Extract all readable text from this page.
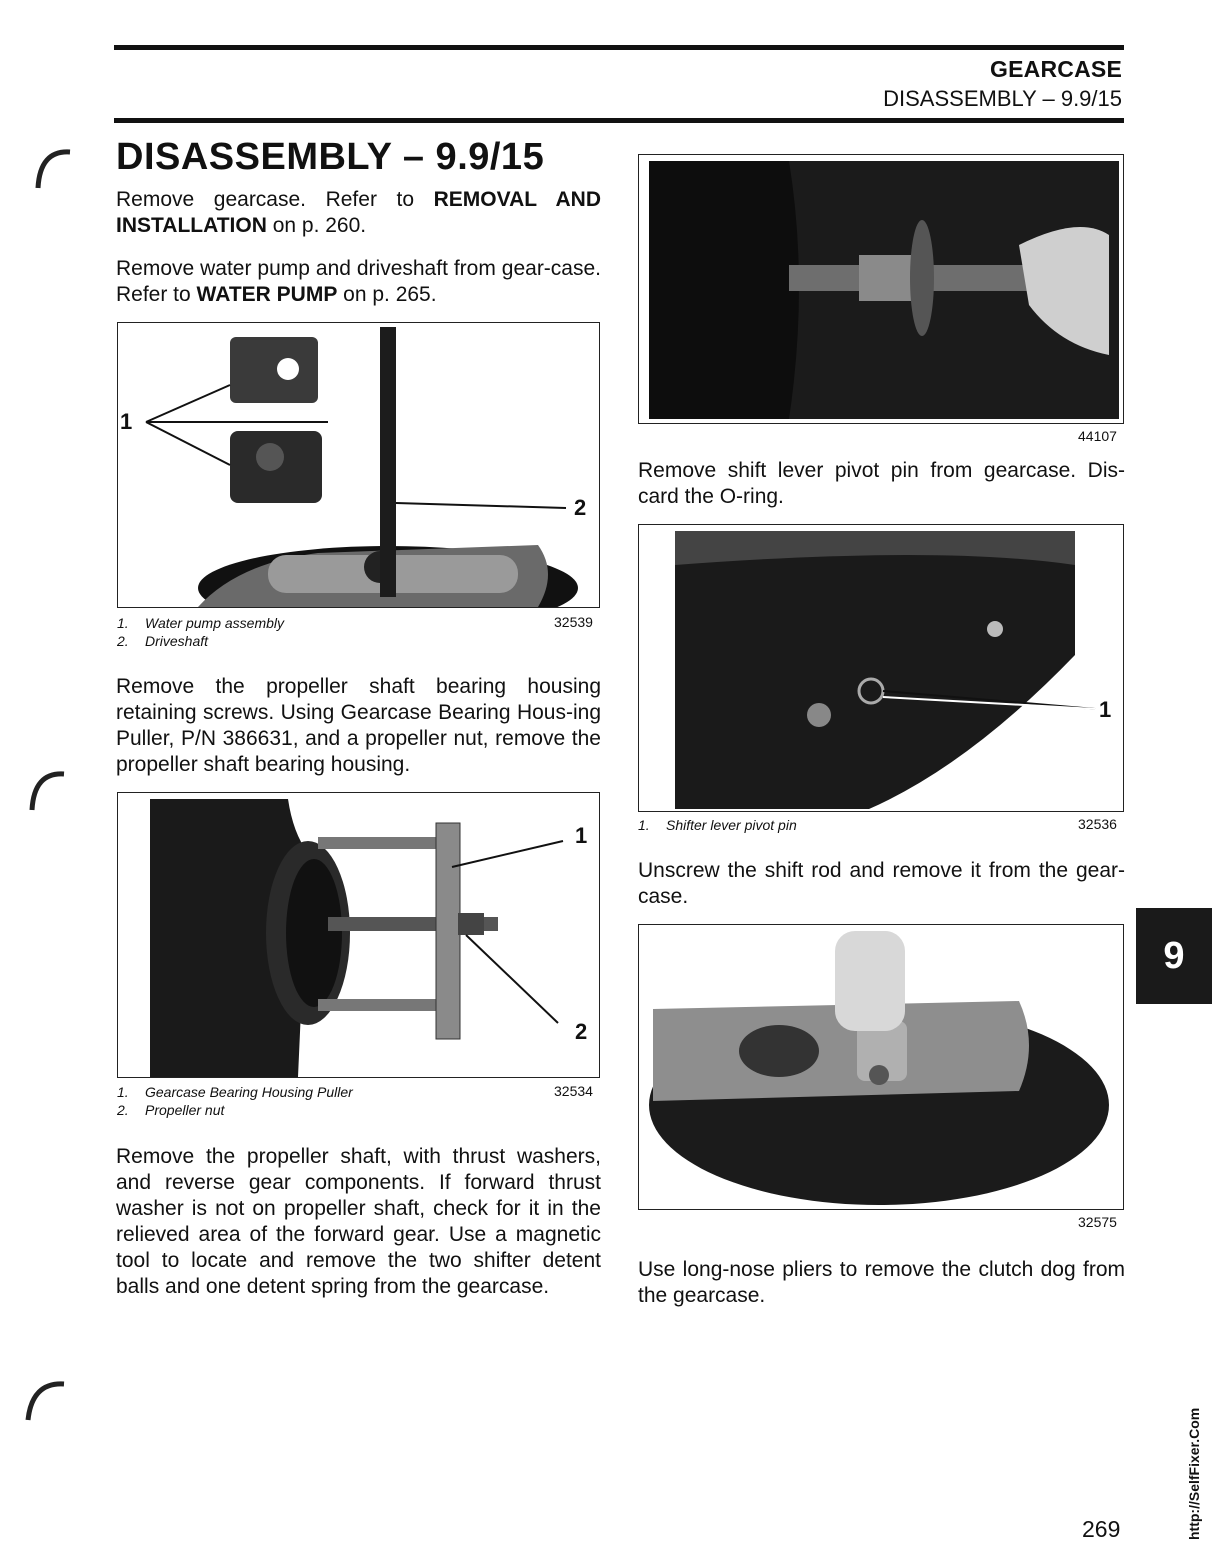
GEARCASE
DISASSEMBLY – 9.9/15
DISASSEMBLY – 9.9/15
Remove gearcase. Refer to REMOVAL AND INSTALLATION on p. 260.
Remove water pump and driveshaft from gear-case. Refer to WATER PUMP on p. 265.
1
2
1. Water pump assembly
2. Driveshaft
32539
Remove the propeller shaft bearing housing retaining screws. Using Gearcase Bearing Hous-ing Puller, P/N 386631, and a propeller nut, remove the propeller shaft bearing housing.
1
2
1. Gearcase Bearing Housing Puller
2. Propeller nut
32534
Remove the propeller shaft, with thrust washers, and reverse gear components. If forward thrust washer is not on propeller shaft, check for it in the relieved area of the forward gear. Use a magnetic tool to locate and remove the two shifter detent balls and one detent spring from the gearcase.
44107
Remove shift lever pivot pin from gearcase. Dis-card the O-ring.
1
1. Shifter lever pivot pin	32536
Unscrew the shift rod and remove it from the gear-case.
32575
Use long-nose pliers to remove the clutch dog from the gearcase.
9
http://SelfFixer.Com
269
